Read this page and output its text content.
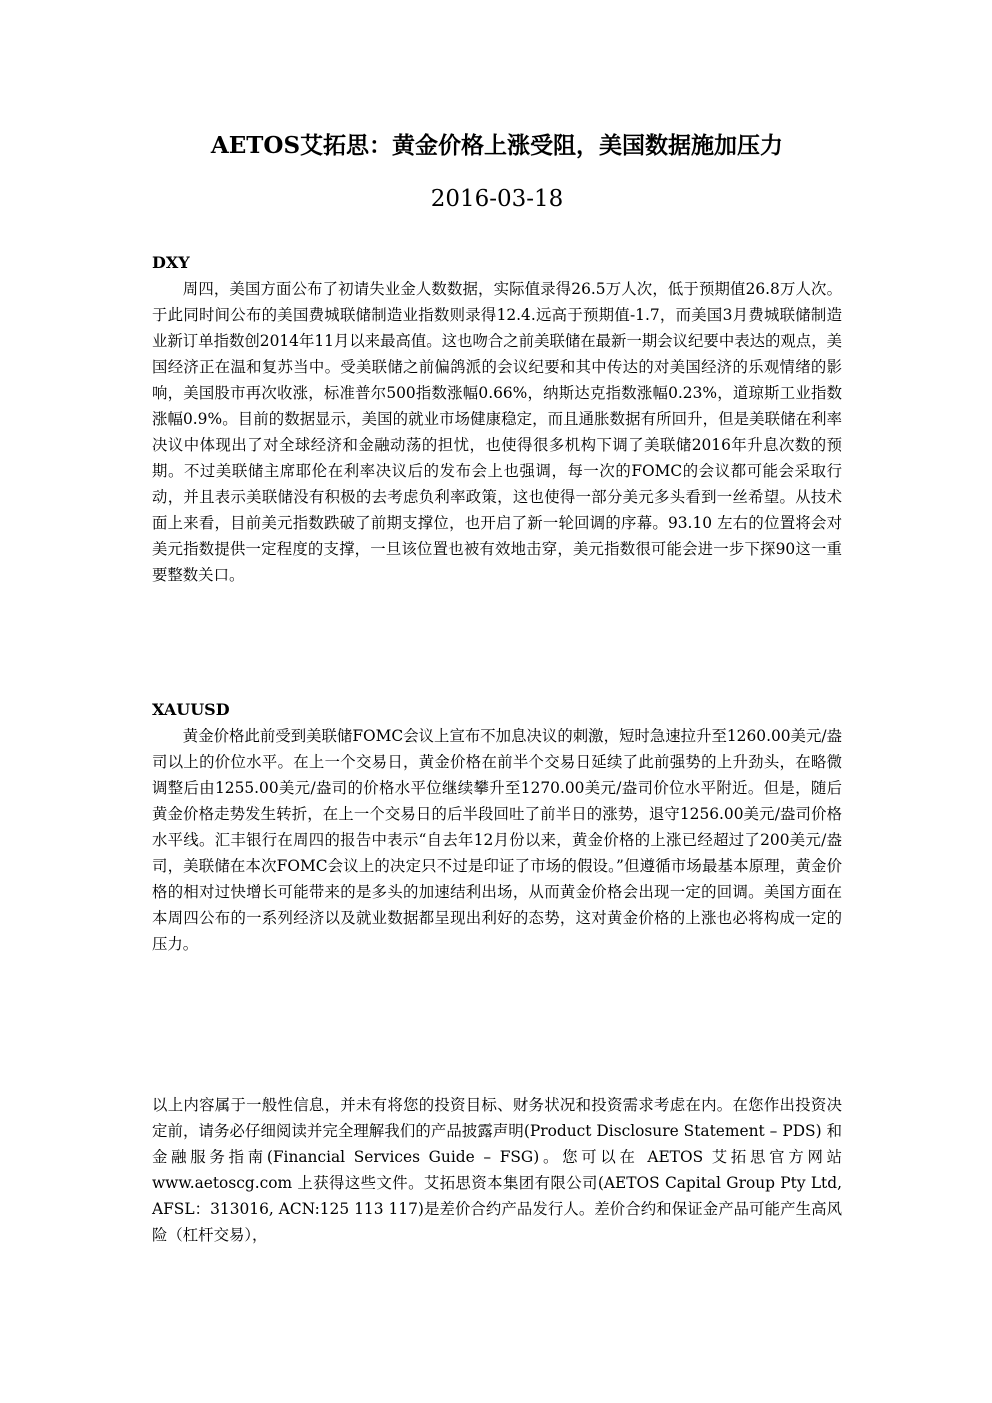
AETOS艾拓思：黄金价格上涨受阻，美国数据施加压力
2016-03-18
DXY

周四，美国方面公布了初请失业金人数数据，实际值录得26.5万人次，低于预期值26.8万人次。于此同时间公布的美国费城联储制造业指数则录得12.4.远高于预期值-1.7，而美国3月费城联储制造业新订单指数创2014年11月以来最高值。这也吻合之前美联储在最新一期会议纪要中表达的观点，美国经济正在温和复苏当中。受美联储之前偏鸽派的会议纪要和其中传达的对美国经济的乐观情绪的影响，美国股市再次收涨，标准普尔500指数涨幅0.66%，纳斯达克指数涨幅0.23%，道琼斯工业指数涨幅0.9%。目前的数据显示，美国的就业市场健康稳定，而且通胀数据有所回升，但是美联储在利率决议中体现出了对全球经济和金融动荡的担忧，也使得很多机构下调了美联储2016年升息次数的预期。不过美联储主席耶伦在利率决议后的发布会上也强调，每一次的FOMC的会议都可能会采取行动，并且表示美联储没有积极的去考虑负利率政策，这也使得一部分美元多头看到一丝希望。从技术面上来看，目前美元指数跌破了前期支撑位，也开启了新一轮回调的序幕。93.10 左右的位置将会对美元指数提供一定程度的支撑，一旦该位置也被有效地击穿，美元指数很可能会进一步下探90这一重要整数关口。

XAUUSD

黄金价格此前受到美联储FOMC会议上宣布不加息决议的刺激，短时急速拉升至1260.00美元/盎司以上的价位水平。在上一个交易日，黄金价格在前半个交易日延续了此前强势的上升劲头，在略微调整后由1255.00美元/盎司的价格水平位继续攀升至1270.00美元/盎司价位水平附近。但是，随后黄金价格走势发生转折，在上一个交易日的后半段回吐了前半日的涨势，退守1256.00美元/盎司价格水平线。汇丰银行在周四的报告中表示“自去年12月份以来，黄金价格的上涨已经超过了200美元/盎司，美联储在本次FOMC会议上的决定只不过是印证了市场的假设。”但遵循市场最基本原理，黄金价格的相对过快增长可能带来的是多头的加速结利出场，从而黄金价格会出现一定的回调。美国方面在本周四公布的一系列经济以及就业数据都呈现出利好的态势，这对黄金价格的上涨也必将构成一定的压力。

以上内容属于一般性信息，并未有将您的投资目标、财务状况和投资需求考虑在内。在您作出投资决定前，请务必仔细阅读并完全理解我们的产品披露声明(Product Disclosure Statement – PDS) 和金融服务指南(Financial Services Guide – FSG)。您可以在 AETOS 艾拓思官方网站 www.aetoscg.com 上获得这些文件。艾拓思资本集团有限公司(AETOS Capital Group Pty Ltd, AFSL：313016, ACN:125 113 117)是差价合约产品发行人。差价合约和保证金产品可能产生高风险（杠杆交易），
